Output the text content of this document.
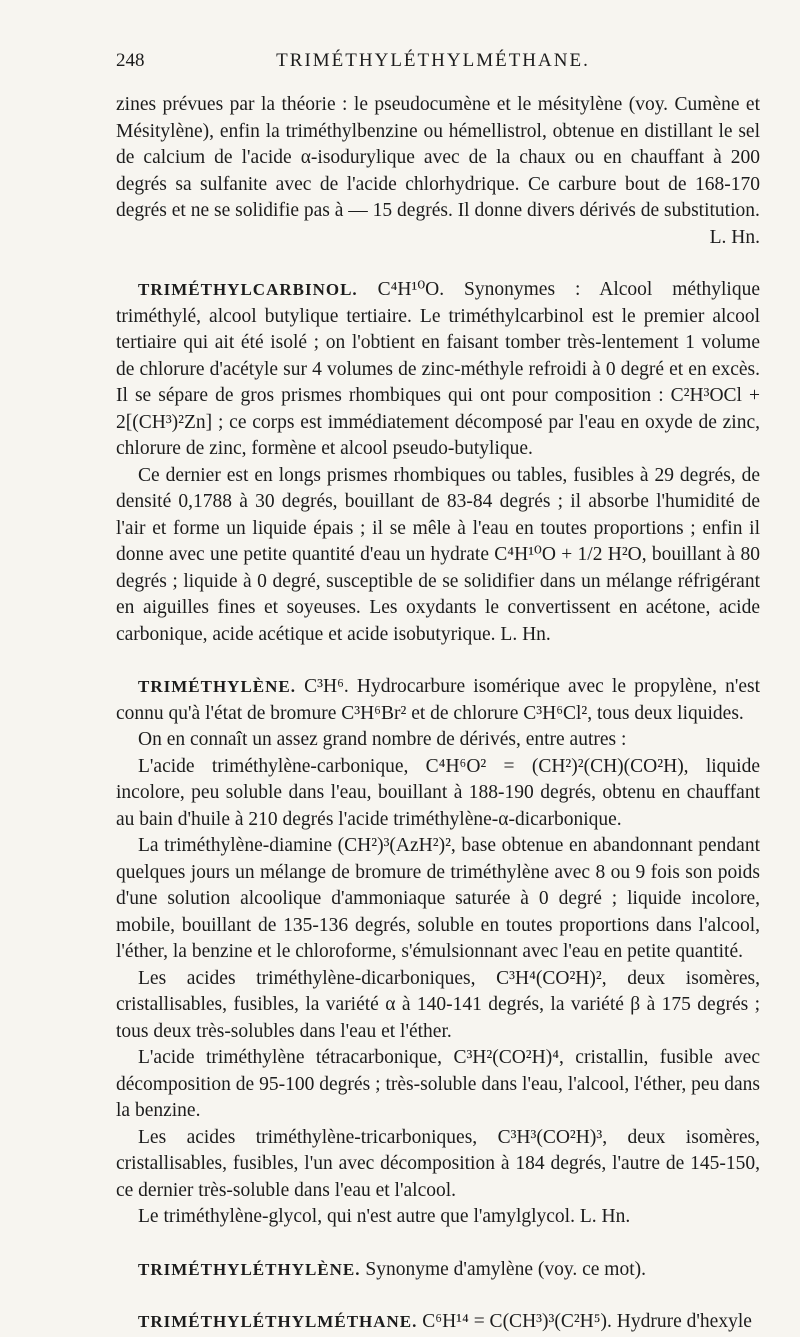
248	TRIMÉTHYLÉTHYLMÉTHANE.

zines prévues par la théorie : le pseudocumène et le mésitylène (voy. Cumène et Mésitylène), enfin la triméthylbenzine ou hémellistrol, obtenue en distillant le sel de calcium de l'acide α-isodurylique avec de la chaux ou en chauffant à 200 degrés sa sulfanite avec de l'acide chlorhydrique. Ce carbure bout de 168-170 degrés et ne se solidifie pas à — 15 degrés. Il donne divers dérivés de substitution.

L. Hn.

TRIMÉTHYLCARBINOL. C⁴H¹⁰O. Synonymes : Alcool méthylique triméthylé, alcool butylique tertiaire. Le triméthylcarbinol est le premier alcool tertiaire qui ait été isolé ; on l'obtient en faisant tomber très-lentement 1 volume de chlorure d'acétyle sur 4 volumes de zinc-méthyle refroidi à 0 degré et en excès. Il se sépare de gros prismes rhombiques qui ont pour composition : C²H³OCl + 2[(CH³)²Zn] ; ce corps est immédiatement décomposé par l'eau en oxyde de zinc, chlorure de zinc, formène et alcool pseudo-butylique.

Ce dernier est en longs prismes rhombiques ou tables, fusibles à 29 degrés, de densité 0,1788 à 30 degrés, bouillant de 83-84 degrés ; il absorbe l'humidité de l'air et forme un liquide épais ; il se mêle à l'eau en toutes proportions ; enfin il donne avec une petite quantité d'eau un hydrate C⁴H¹⁰O + 1/2 H²O, bouillant à 80 degrés ; liquide à 0 degré, susceptible de se solidifier dans un mélange réfrigérant en aiguilles fines et soyeuses. Les oxydants le convertissent en acétone, acide carbonique, acide acétique et acide isobutyrique. L. Hn.

TRIMÉTHYLÈNE. C³H⁶. Hydrocarbure isomérique avec le propylène, n'est connu qu'à l'état de bromure C³H⁶Br² et de chlorure C³H⁶Cl², tous deux liquides.

On en connaît un assez grand nombre de dérivés, entre autres :

L'acide triméthylène-carbonique, C⁴H⁶O² = (CH²)²(CH)(CO²H), liquide incolore, peu soluble dans l'eau, bouillant à 188-190 degrés, obtenu en chauffant au bain d'huile à 210 degrés l'acide triméthylène-α-dicarbonique.

La triméthylène-diamine (CH²)³(AzH²)², base obtenue en abandonnant pendant quelques jours un mélange de bromure de triméthylène avec 8 ou 9 fois son poids d'une solution alcoolique d'ammoniaque saturée à 0 degré ; liquide incolore, mobile, bouillant de 135-136 degrés, soluble en toutes proportions dans l'alcool, l'éther, la benzine et le chloroforme, s'émulsionnant avec l'eau en petite quantité.

Les acides triméthylène-dicarboniques, C³H⁴(CO²H)², deux isomères, cristallisables, fusibles, la variété α à 140-141 degrés, la variété β à 175 degrés ; tous deux très-solubles dans l'eau et l'éther.

L'acide triméthylène tétracarbonique, C³H²(CO²H)⁴, cristallin, fusible avec décomposition de 95-100 degrés ; très-soluble dans l'eau, l'alcool, l'éther, peu dans la benzine.

Les acides triméthylène-tricarboniques, C³H³(CO²H)³, deux isomères, cristallisables, fusibles, l'un avec décomposition à 184 degrés, l'autre de 145-150, ce dernier très-soluble dans l'eau et l'alcool.

Le triméthylène-glycol, qui n'est autre que l'amylglycol. L. Hn.

TRIMÉTHYLÉTHYLÈNE. Synonyme d'amylène (voy. ce mot).

TRIMÉTHYLÉTHYLMÉTHANE. C⁶H¹⁴ = C(CH³)³(C²H⁵). Hydrure d'hexyle
